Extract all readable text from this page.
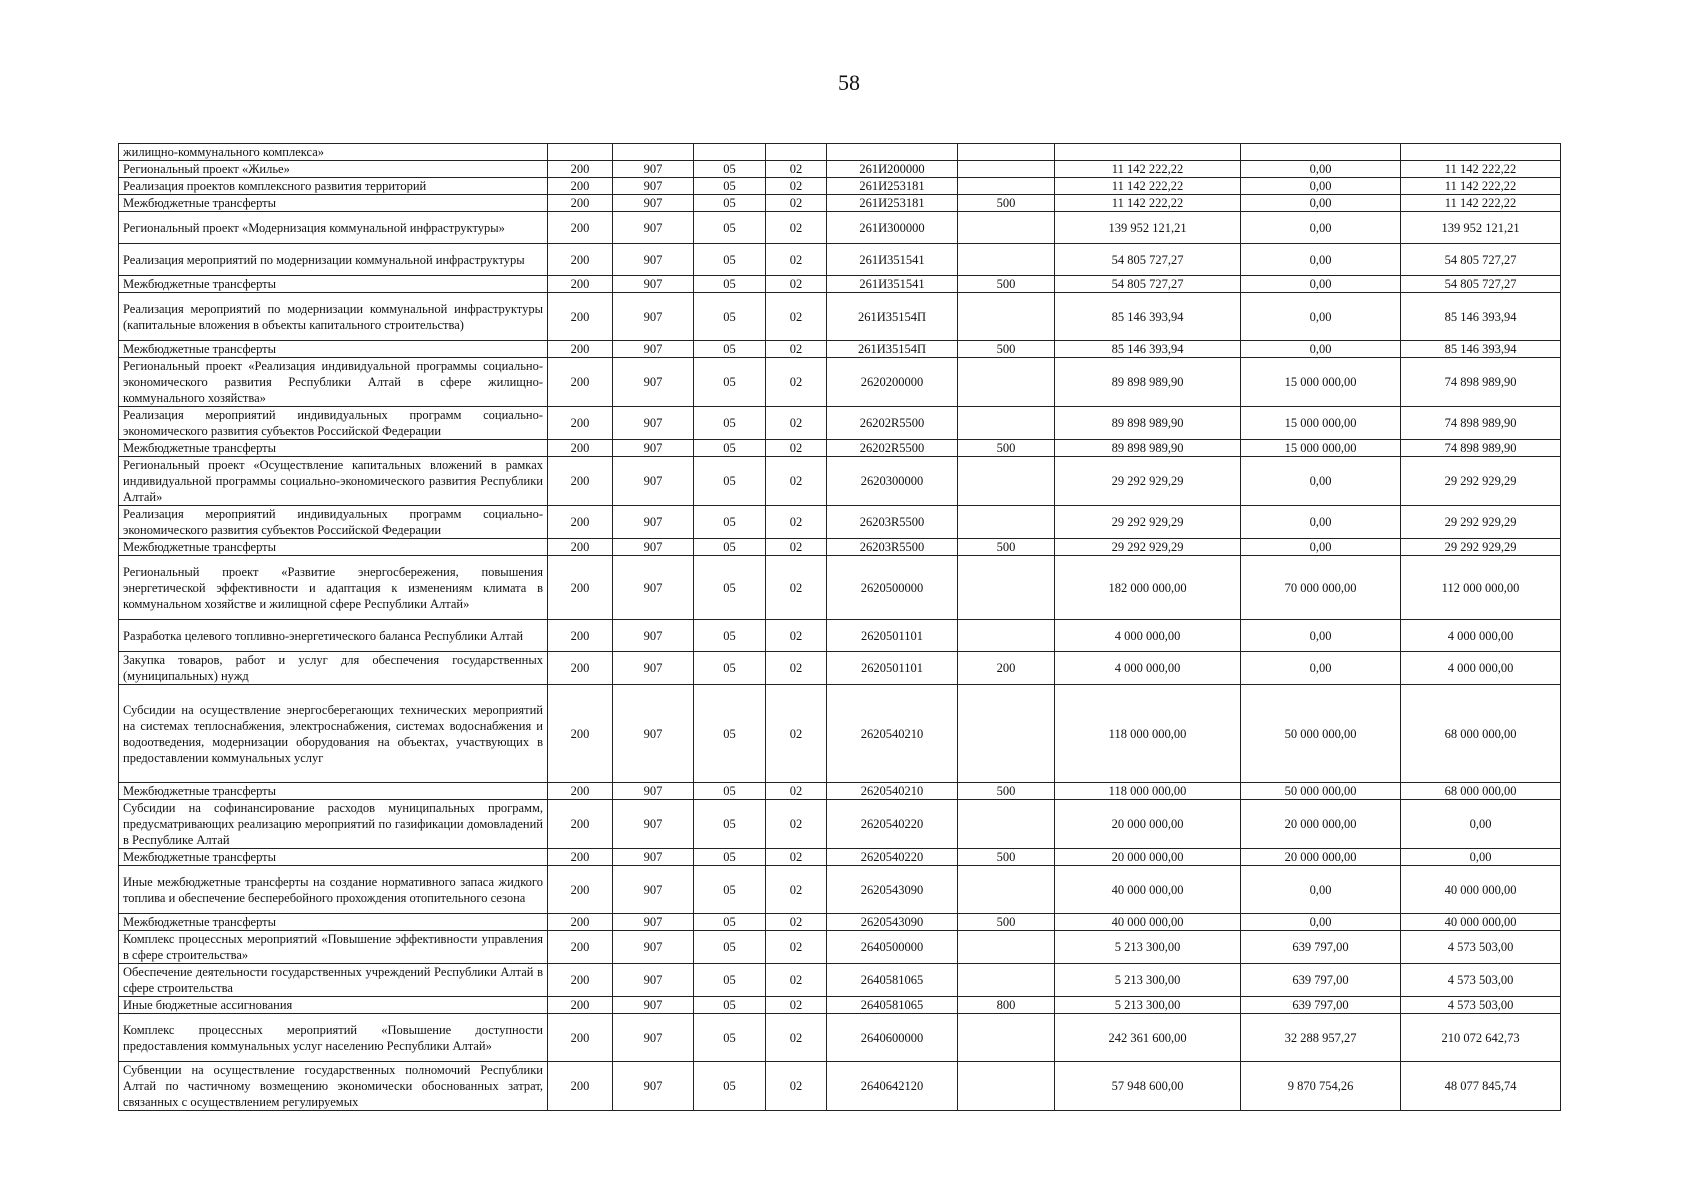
58
жилищно-коммунального комплекса»									
Региональный проект «Жилье»	200	907	05	02	261И200000		11 142 222,22	0,00	11 142 222,22
Реализация проектов комплексного развития территорий	200	907	05	02	261И253181		11 142 222,22	0,00	11 142 222,22
Межбюджетные трансферты	200	907	05	02	261И253181	500	11 142 222,22	0,00	11 142 222,22
Региональный проект «Модернизация коммунальной инфраструктуры»	200	907	05	02	261И300000		139 952 121,21	0,00	139 952 121,21
Реализация мероприятий по модернизации коммунальной инфраструктуры	200	907	05	02	261И351541		54 805 727,27	0,00	54 805 727,27
Межбюджетные трансферты	200	907	05	02	261И351541	500	54 805 727,27	0,00	54 805 727,27
Реализация мероприятий по модернизации коммунальной инфраструктуры (капитальные вложения в объекты капитального строительства)	200	907	05	02	261И35154П		85 146 393,94	0,00	85 146 393,94
Межбюджетные трансферты	200	907	05	02	261И35154П	500	85 146 393,94	0,00	85 146 393,94
Региональный проект «Реализация индивидуальной программы социально-экономического развития Республики Алтай в сфере жилищно-коммунального хозяйства»	200	907	05	02	2620200000		89 898 989,90	15 000 000,00	74 898 989,90
Реализация мероприятий индивидуальных программ социально-экономического развития субъектов Российской Федерации	200	907	05	02	26202R5500		89 898 989,90	15 000 000,00	74 898 989,90
Межбюджетные трансферты	200	907	05	02	26202R5500	500	89 898 989,90	15 000 000,00	74 898 989,90
Региональный проект «Осуществление капитальных вложений в рамках индивидуальной программы социально-экономического развития Республики Алтай»	200	907	05	02	2620300000		29 292 929,29	0,00	29 292 929,29
Реализация мероприятий индивидуальных программ социально-экономического развития субъектов Российской Федерации	200	907	05	02	26203R5500		29 292 929,29	0,00	29 292 929,29
Межбюджетные трансферты	200	907	05	02	26203R5500	500	29 292 929,29	0,00	29 292 929,29
Региональный проект «Развитие энергосбережения, повышения энергетической эффективности и адаптация к изменениям климата в коммунальном хозяйстве и жилищной сфере Республики Алтай»	200	907	05	02	2620500000		182 000 000,00	70 000 000,00	112 000 000,00
Разработка целевого топливно-энергетического баланса Республики Алтай	200	907	05	02	2620501101		4 000 000,00	0,00	4 000 000,00
Закупка товаров, работ и услуг для обеспечения государственных (муниципальных) нужд	200	907	05	02	2620501101	200	4 000 000,00	0,00	4 000 000,00
Субсидии на осуществление энергосберегающих технических мероприятий на системах теплоснабжения, электроснабжения, системах водоснабжения и водоотведения, модернизации оборудования на объектах, участвующих в предоставлении коммунальных услуг	200	907	05	02	2620540210		118 000 000,00	50 000 000,00	68 000 000,00
Межбюджетные трансферты	200	907	05	02	2620540210	500	118 000 000,00	50 000 000,00	68 000 000,00
Субсидии на софинансирование расходов муниципальных программ, предусматривающих реализацию мероприятий по газификации домовладений в Республике Алтай	200	907	05	02	2620540220		20 000 000,00	20 000 000,00	0,00
Межбюджетные трансферты	200	907	05	02	2620540220	500	20 000 000,00	20 000 000,00	0,00
Иные межбюджетные трансферты на создание нормативного запаса жидкого топлива и обеспечение бесперебойного прохождения отопительного сезона	200	907	05	02	2620543090		40 000 000,00	0,00	40 000 000,00
Межбюджетные трансферты	200	907	05	02	2620543090	500	40 000 000,00	0,00	40 000 000,00
Комплекс процессных мероприятий «Повышение эффективности управления в сфере строительства»	200	907	05	02	2640500000		5 213 300,00	639 797,00	4 573 503,00
Обеспечение деятельности государственных учреждений Республики Алтай в сфере строительства	200	907	05	02	2640581065		5 213 300,00	639 797,00	4 573 503,00
Иные бюджетные ассигнования	200	907	05	02	2640581065	800	5 213 300,00	639 797,00	4 573 503,00
Комплекс процессных мероприятий «Повышение доступности предоставления коммунальных услуг населению Республики Алтай»	200	907	05	02	2640600000		242 361 600,00	32 288 957,27	210 072 642,73
Субвенции на осуществление государственных полномочий Республики Алтай по частичному возмещению экономически обоснованных затрат, связанных с осуществлением регулируемых	200	907	05	02	2640642120		57 948 600,00	9 870 754,26	48 077 845,74
